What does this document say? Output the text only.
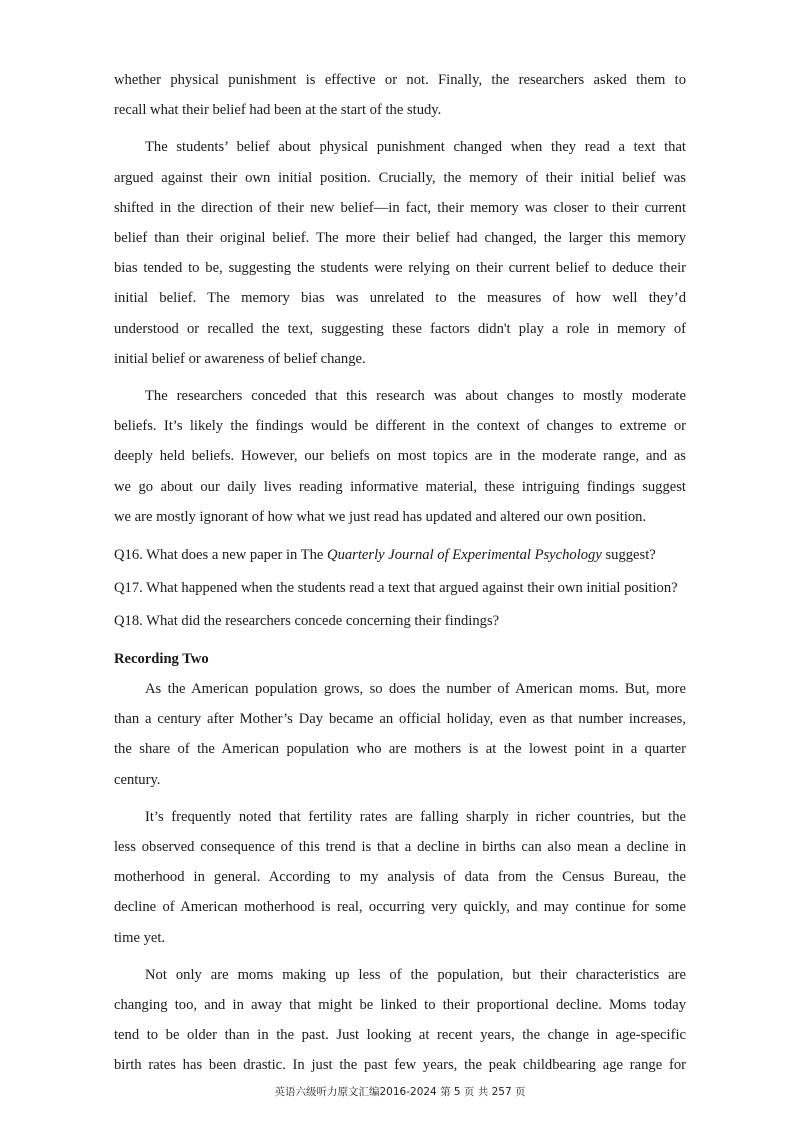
whether physical punishment is effective or not. Finally, the researchers asked them to
recall what their belief had been at the start of the study.
The students’ belief about physical punishment changed when they read a text that
argued against their own initial position. Crucially, the memory of their initial belief was
shifted in the direction of their new belief—in fact, their memory was closer to their current
belief than their original belief. The more their belief had changed, the larger this memory
bias tended to be, suggesting the students were relying on their current belief to deduce their
initial belief. The memory bias was unrelated to the measures of how well they’d
understood or recalled the text, suggesting these factors didn't play a role in memory of
initial belief or awareness of belief change.
The researchers conceded that this research was about changes to mostly moderate
beliefs. It’s likely the findings would be different in the context of changes to extreme or
deeply held beliefs. However, our beliefs on most topics are in the moderate range, and as
we go about our daily lives reading informative material, these intriguing findings suggest
we are mostly ignorant of how what we just read has updated and altered our own position.
Q16. What does a new paper in The Quarterly Journal of Experimental Psychology suggest?
Q17. What happened when the students read a text that argued against their own initial position?
Q18. What did the researchers concede concerning their findings?
Recording Two
As the American population grows, so does the number of American moms. But, more
than a century after Mother’s Day became an official holiday, even as that number increases,
the share of the American population who are mothers is at the lowest point in a quarter
century.
It’s frequently noted that fertility rates are falling sharply in richer countries, but the
less observed consequence of this trend is that a decline in births can also mean a decline in
motherhood in general. According to my analysis of data from the Census Bureau, the
decline of American motherhood is real, occurring very quickly, and may continue for some
time yet.
Not only are moms making up less of the population, but their characteristics are
changing too, and in away that might be linked to their proportional decline. Moms today
tend to be older than in the past. Just looking at recent years, the change in age-specific
birth rates has been drastic. In just the past few years, the peak childbearing age range for
英语六级听力原文汇编2016-2024 第 5 页 共 257 页
